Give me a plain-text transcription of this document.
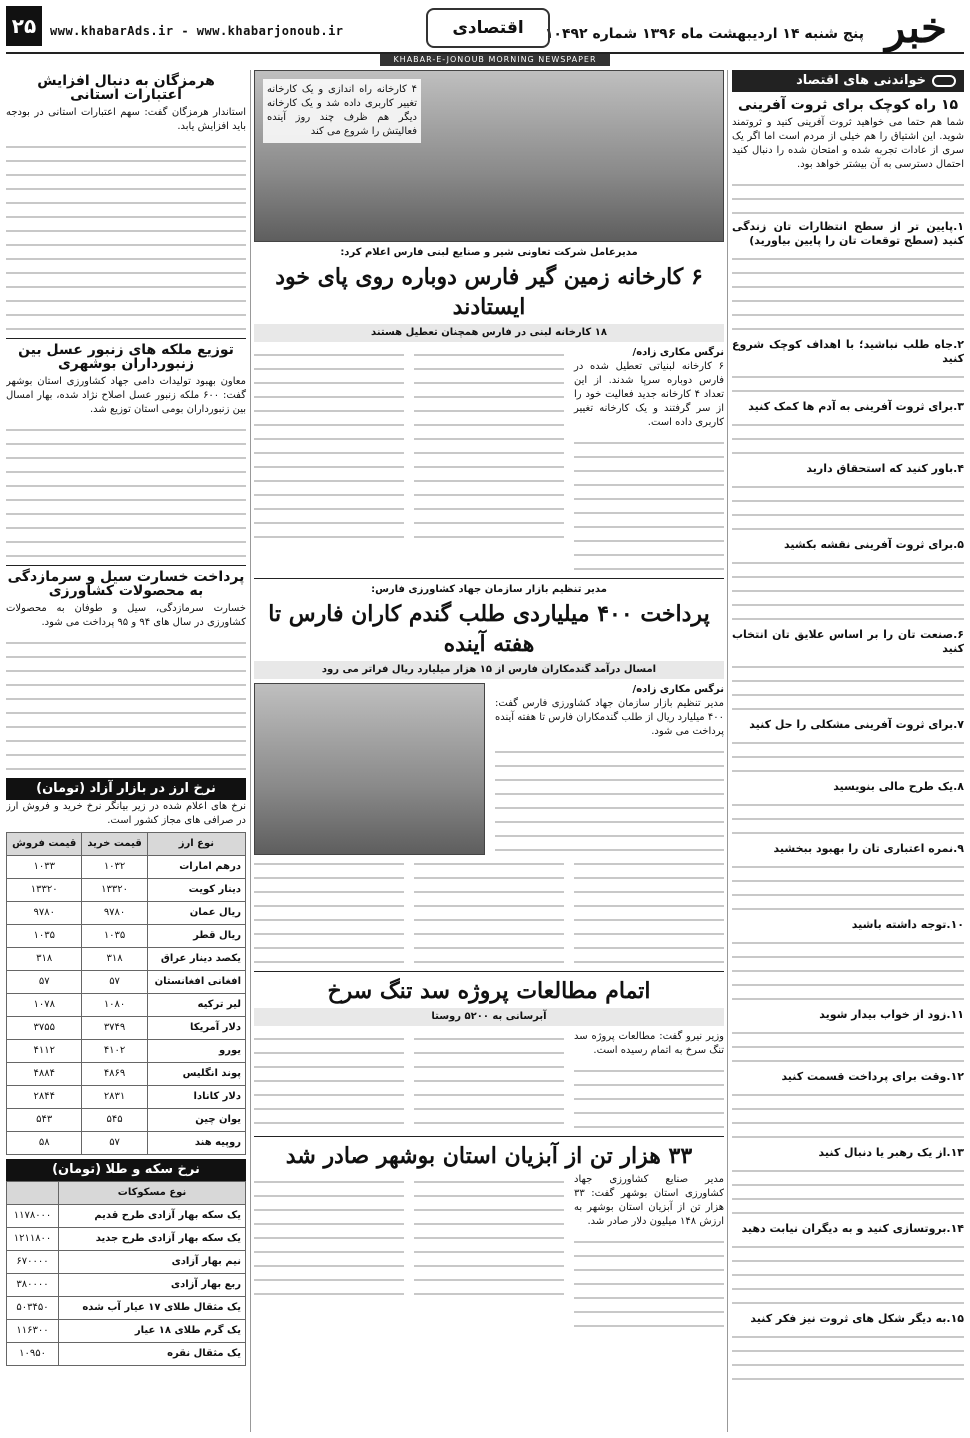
خبر
پنج شنبه ۱۴ اردیبهشت ماه ۱۳۹۶ شماره ۱۰۴۹۲
اقتصادی
www.khabarAds.ir - www.khabarjonoub.ir
۲۵
KHABAR-E-JONOUB MORNING NEWSPAPER
خواندنی های اقتصاد
۱۵ راه کوچک برای ثروت آفرینی

شما هم حتما می خواهید ثروت آفرینی کنید و ثروتمند شوید. این اشتیاق را هم خیلی از مردم است اما اگر یک سری از عادات تجربه شده و امتحان شده را دنبال کنید احتمال دسترسی به آن بیشتر خواهد بود.

۱.پایین تر از سطح انتظارات تان زندگی کنید (سطح توقعات تان را پایین بیاورید)
۲.جاه طلب نباشید؛ با اهداف کوچک شروع کنید
۳.برای ثروت آفرینی به آدم ها کمک کنید
۴.باور کنید که استحقاق دارید
۵.برای ثروت آفرینی نقشه بکشید
۶.صنعت تان را بر اساس علایق تان انتخاب کنید
۷.برای ثروت آفرینی مشکلی را حل کنید
۸.یک طرح مالی بنویسید
۹.نمره اعتباری تان را بهبود ببخشید
۱۰.توجه داشته باشید
۱۱.زود از خواب بیدار شوید
۱۲.وقت برای پرداخت قسمت کنید
۱۳.از یک رهبر یا دنبال کنید
۱۴.بروتسازی کنید و به دیگران نیابت دهید
۱۵.به دیگر شکل های ثروت نیز فکر کنید
هرمزگان به دنبال افزایش اعتبارات استانی

استاندار هرمزگان گفت: سهم اعتبارات استانی در بودجه باید افزایش یابد.

توزیع ملکه های زنبور عسل بین زنبورداران بوشهری

معاون بهبود تولیدات دامی جهاد کشاورزی استان بوشهر گفت: ۶۰۰ ملکه زنبور عسل اصلاح نژاد شده، بهار امسال بین زنبورداران بومی استان توزیع شد.

پرداخت خسارت سیل و سرمازدگی به محصولات کشاورزی

خسارت سرمازدگی، سیل و طوفان به محصولات کشاورزی در سال های ۹۴ و ۹۵ پرداخت می شود.

نرخ ارز در بازار آزاد (تومان)

نرخ های اعلام شده در زیر بیانگر نرخ خرید و فروش ارز در صرافی های مجاز کشور است.

نوع ارز	قیمت خرید	قیمت فروش
درهم امارات	۱۰۳۲	۱۰۳۳
دینار کویت	۱۳۳۲۰	۱۳۳۲۰
ریال عمان	۹۷۸۰	۹۷۸۰
ریال قطر	۱۰۳۵	۱۰۳۵
یکصد دینار عراق	۳۱۸	۳۱۸
افغانی افغانستان	۵۷	۵۷
لیر ترکیه	۱۰۸۰	۱۰۷۸
دلار آمریکا	۳۷۴۹	۳۷۵۵
یورو	۴۱۰۲	۴۱۱۲
پوند انگلیس	۴۸۶۹	۴۸۸۴
دلار کانادا	۲۸۳۱	۲۸۴۴
یوان چین	۵۴۵	۵۴۳
روپیه هند	۵۷	۵۸
نرخ سکه و طلا (تومان)
نوع مسکوکات	
یک سکه بهار آزادی طرح قدیم	۱۱۷۸۰۰۰
یک سکه بهار آزادی طرح جدید	۱۲۱۱۸۰۰
نیم بهار آزادی	۶۷۰۰۰۰
ربع بهار آزادی	۳۸۰۰۰۰
یک مثقال طلای ۱۷ عیار آب شده	۵۰۳۴۵۰
یک گرم طلای ۱۸ عیار	۱۱۶۳۰۰
یک مثقال نقره	۱۰۹۵۰
۴ کارخانه راه اندازی و یک کارخانه تغییر کاربری داده شد و یک کارخانه دیگر هم ظرف چند روز آینده فعالیتش را شروع می کند
مدیرعامل شرکت تعاونی شیر و صنایع لبنی فارس اعلام کرد:
۶ کارخانه زمین گیر فارس دوباره روی پای خود ایستادند
۱۸ کارخانه لبنی در فارس همچنان تعطیل هستند
نرگس مکاری زاده/

۶ کارخانه لبنیاتی تعطیل شده در فارس دوباره سرپا شدند. از این تعداد ۴ کارخانه جدید فعالیت خود را از سر گرفتند و یک کارخانه تغییر کاربری داده است.

مدیر تنظیم بازار سازمان جهاد کشاورزی فارس:
پرداخت ۴۰۰ میلیاردی طلب گندم کاران فارس تا هفته آینده
امسال درآمد گندمکاران فارس از ۱۵ هزار میلیارد ریال فراتر می رود
نرگس مکاری زاده/

مدیر تنظیم بازار سازمان جهاد کشاورزی فارس گفت: ۴۰۰ میلیارد ریال از طلب گندمکاران فارس تا هفته آینده پرداخت می شود.

اتمام مطالعات پروژه سد تنگ سرخ
آبرسانی به ۵۲۰۰ روستا

وزیر نیرو گفت: مطالعات پروژه سد تنگ سرخ به اتمام رسیده است.

۳۳ هزار تن از آبزیان استان بوشهر صادر شد

مدیر صنایع کشاورزی جهاد کشاورزی استان بوشهر گفت: ۳۳ هزار تن از آبزیان استان بوشهر به ارزش ۱۴۸ میلیون دلار صادر شد.
